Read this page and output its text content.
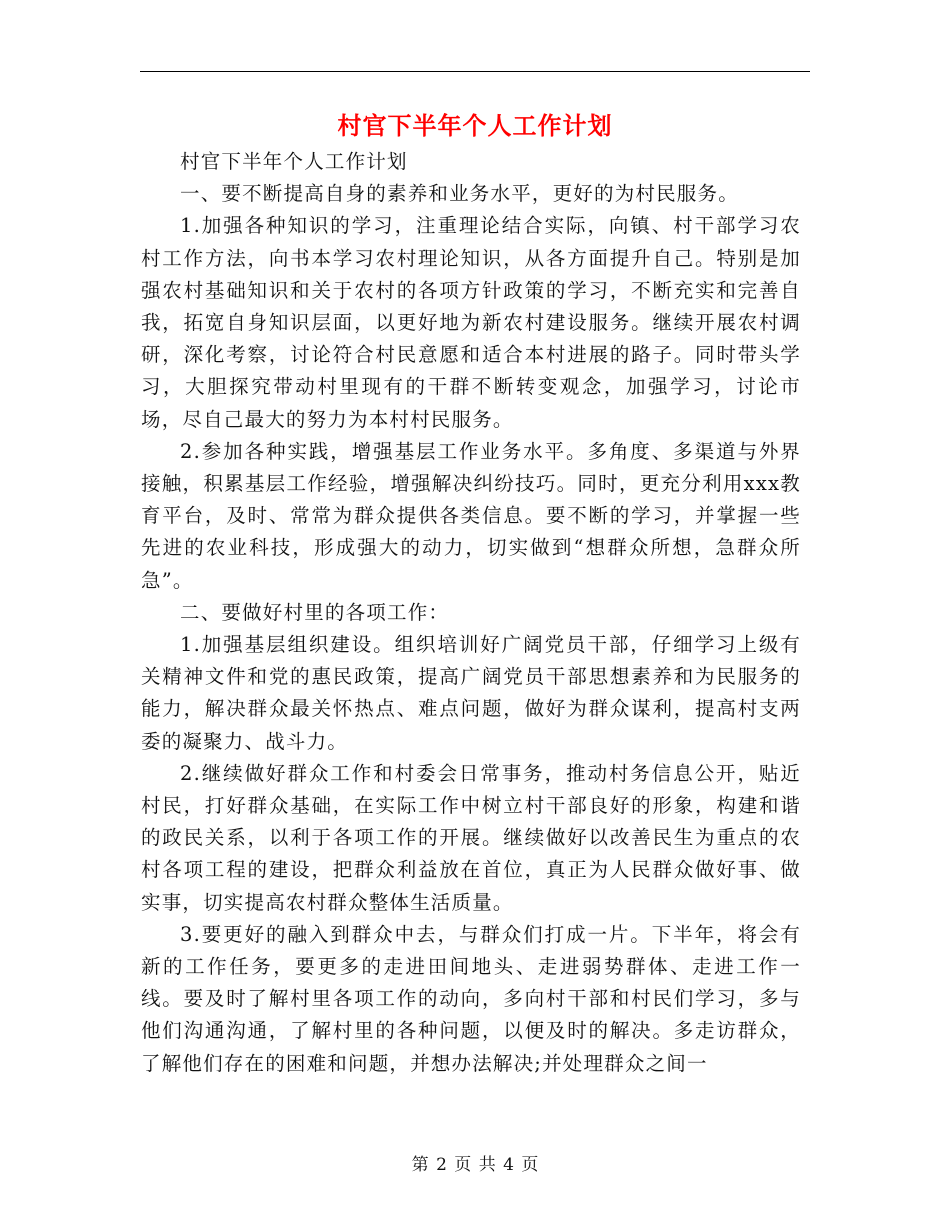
村官下半年个人工作计划

村官下半年个人工作计划

一、要不断提高自身的素养和业务水平，更好的为村民服务。

1.加强各种知识的学习，注重理论结合实际，向镇、村干部学习农村工作方法，向书本学习农村理论知识，从各方面提升自己。特别是加强农村基础知识和关于农村的各项方针政策的学习，不断充实和完善自我，拓宽自身知识层面，以更好地为新农村建设服务。继续开展农村调研，深化考察，讨论符合村民意愿和适合本村进展的路子。同时带头学习，大胆探究带动村里现有的干群不断转变观念，加强学习，讨论市场，尽自己最大的努力为本村村民服务。

2.参加各种实践，增强基层工作业务水平。多角度、多渠道与外界接触，积累基层工作经验，增强解决纠纷技巧。同时，更充分利用xxx教育平台，及时、常常为群众提供各类信息。要不断的学习，并掌握一些先进的农业科技，形成强大的动力，切实做到“想群众所想，急群众所急”。

二、要做好村里的各项工作：

1.加强基层组织建设。组织培训好广阔党员干部，仔细学习上级有关精神文件和党的惠民政策，提高广阔党员干部思想素养和为民服务的能力，解决群众最关怀热点、难点问题，做好为群众谋利，提高村支两委的凝聚力、战斗力。

2.继续做好群众工作和村委会日常事务，推动村务信息公开，贴近村民，打好群众基础，在实际工作中树立村干部良好的形象，构建和谐的政民关系，以利于各项工作的开展。继续做好以改善民生为重点的农村各项工程的建设，把群众利益放在首位，真正为人民群众做好事、做实事，切实提高农村群众整体生活质量。

3.要更好的融入到群众中去，与群众们打成一片。下半年，将会有新的工作任务，要更多的走进田间地头、走进弱势群体、走进工作一线。要及时了解村里各项工作的动向，多向村干部和村民们学习，多与他们沟通沟通，了解村里的各种问题，以便及时的解决。多走访群众，了解他们存在的困难和问题，并想办法解决;并处理群众之间一

第 2 页 共 4 页
